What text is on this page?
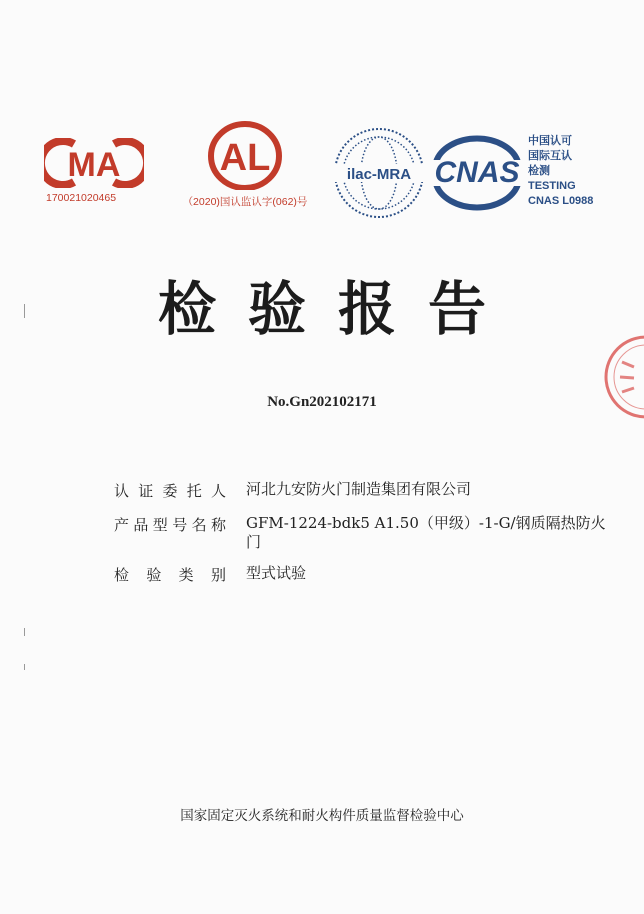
MA
170021020465
AL
（2020)国认监认字(062)号
ilac-MRA CNAS
中国认可
国际互认
检测
TESTING
CNAS L0988
检验报告
No.Gn202102171
认证委托人	河北九安防火门制造集团有限公司
产品型号名称	GFM-1224-bdk5 A1.50（甲级）-1-G/钢质隔热防火门
检验类别	型式试验
国家固定灭火系统和耐火构件质量监督检验中心
